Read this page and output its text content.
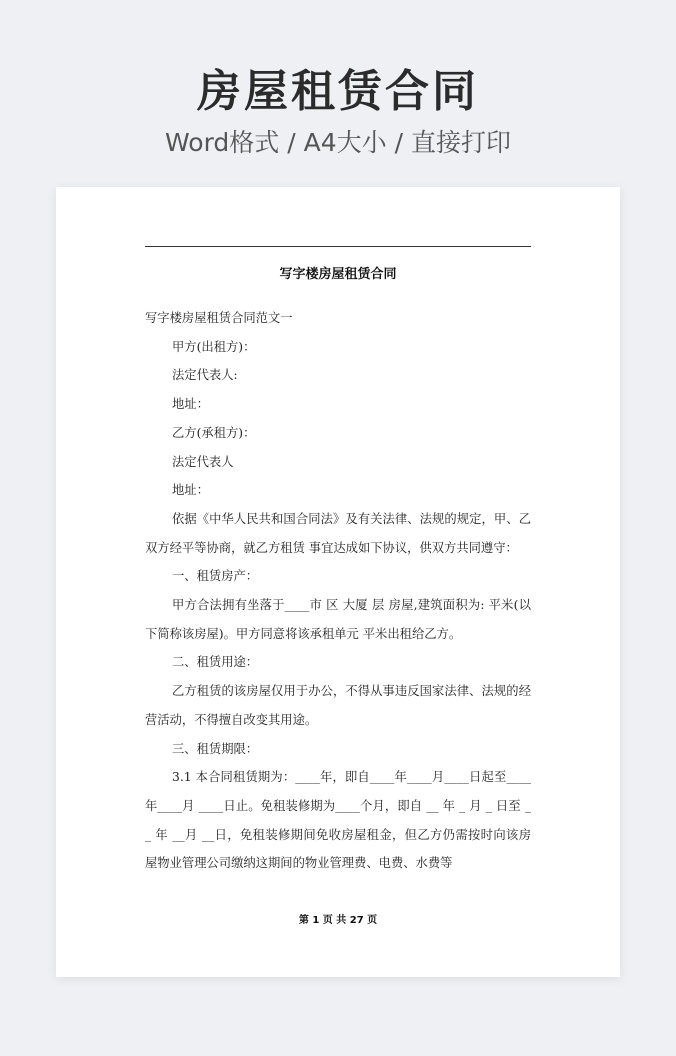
房屋租赁合同
Word格式 / A4大小 / 直接打印
写字楼房屋租赁合同

写字楼房屋租赁合同范文一

甲方(出租方)：

法定代表人:

地址：

乙方(承租方)：

法定代表人

地址：

依据《中华人民共和国合同法》及有关法律、法规的规定，甲、乙双方经平等协商，就乙方租赁 事宜达成如下协议，供双方共同遵守：

一、租赁房产：

甲方合法拥有坐落于____市 区 大厦 层 房屋,建筑面积为: 平米(以下简称该房屋)。甲方同意将该承租单元 平米出租给乙方。

二、租赁用途：

乙方租赁的该房屋仅用于办公，不得从事违反国家法律、法规的经营活动，不得擅自改变其用途。

三、租赁期限：

3.1 本合同租赁期为：____年，即自____年____月____日起至____年____月 ____日止。免租装修期为____个月，即自 __ 年 _ 月 _ 日至 __ 年 __月 __日，免租装修期间免收房屋租金，但乙方仍需按时向该房屋物业管理公司缴纳这期间的物业管理费、电费、水费等

第 1 页 共 27 页
